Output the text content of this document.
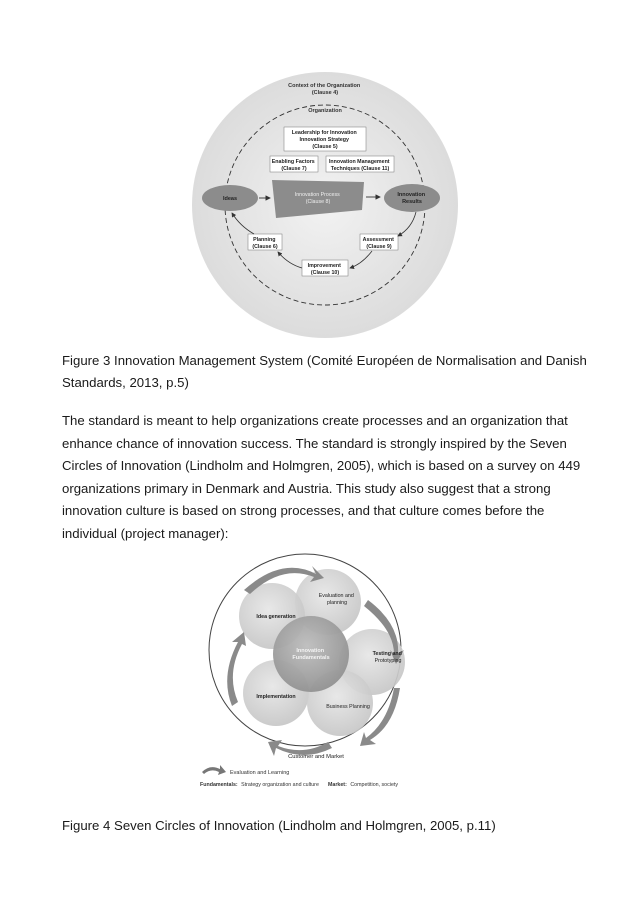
Context of the Organization (Clause 4)
Organization
Leadership for Innovation Innovation Strategy (Clause 5)
Enabling Factors (Clause 7)
Innovation Management Techniques (Clause 11)
Innovation Process (Clause 8)
Ideas
Innovation Results
Planning (Clause 6)
Assessment (Clause 9)
Improvement (Clause 10)

Figure 3 Innovation Management System (Comité Européen de Normalisation and Danish Standards, 2013, p.5)

The standard is meant to help organizations create processes and an organization that enhance chance of innovation success. The standard is strongly inspired by the Seven Circles of Innovation (Lindholm and Holmgren, 2005), which is based on a survey on 449 organizations primary in Denmark and Austria. This study also suggest that a strong innovation culture is based on strong processes, and that culture comes before the individual (project manager):

Evaluation and planning
Idea generation
Innovation Fundamentals
Testing and Prototyping
Implementation
Business Planning
Customer and Market
Evaluation and Learning
Fundamentals: Strategy organization and culture Market: Competition, society

Figure 4 Seven Circles of Innovation (Lindholm and Holmgren, 2005, p.11)
